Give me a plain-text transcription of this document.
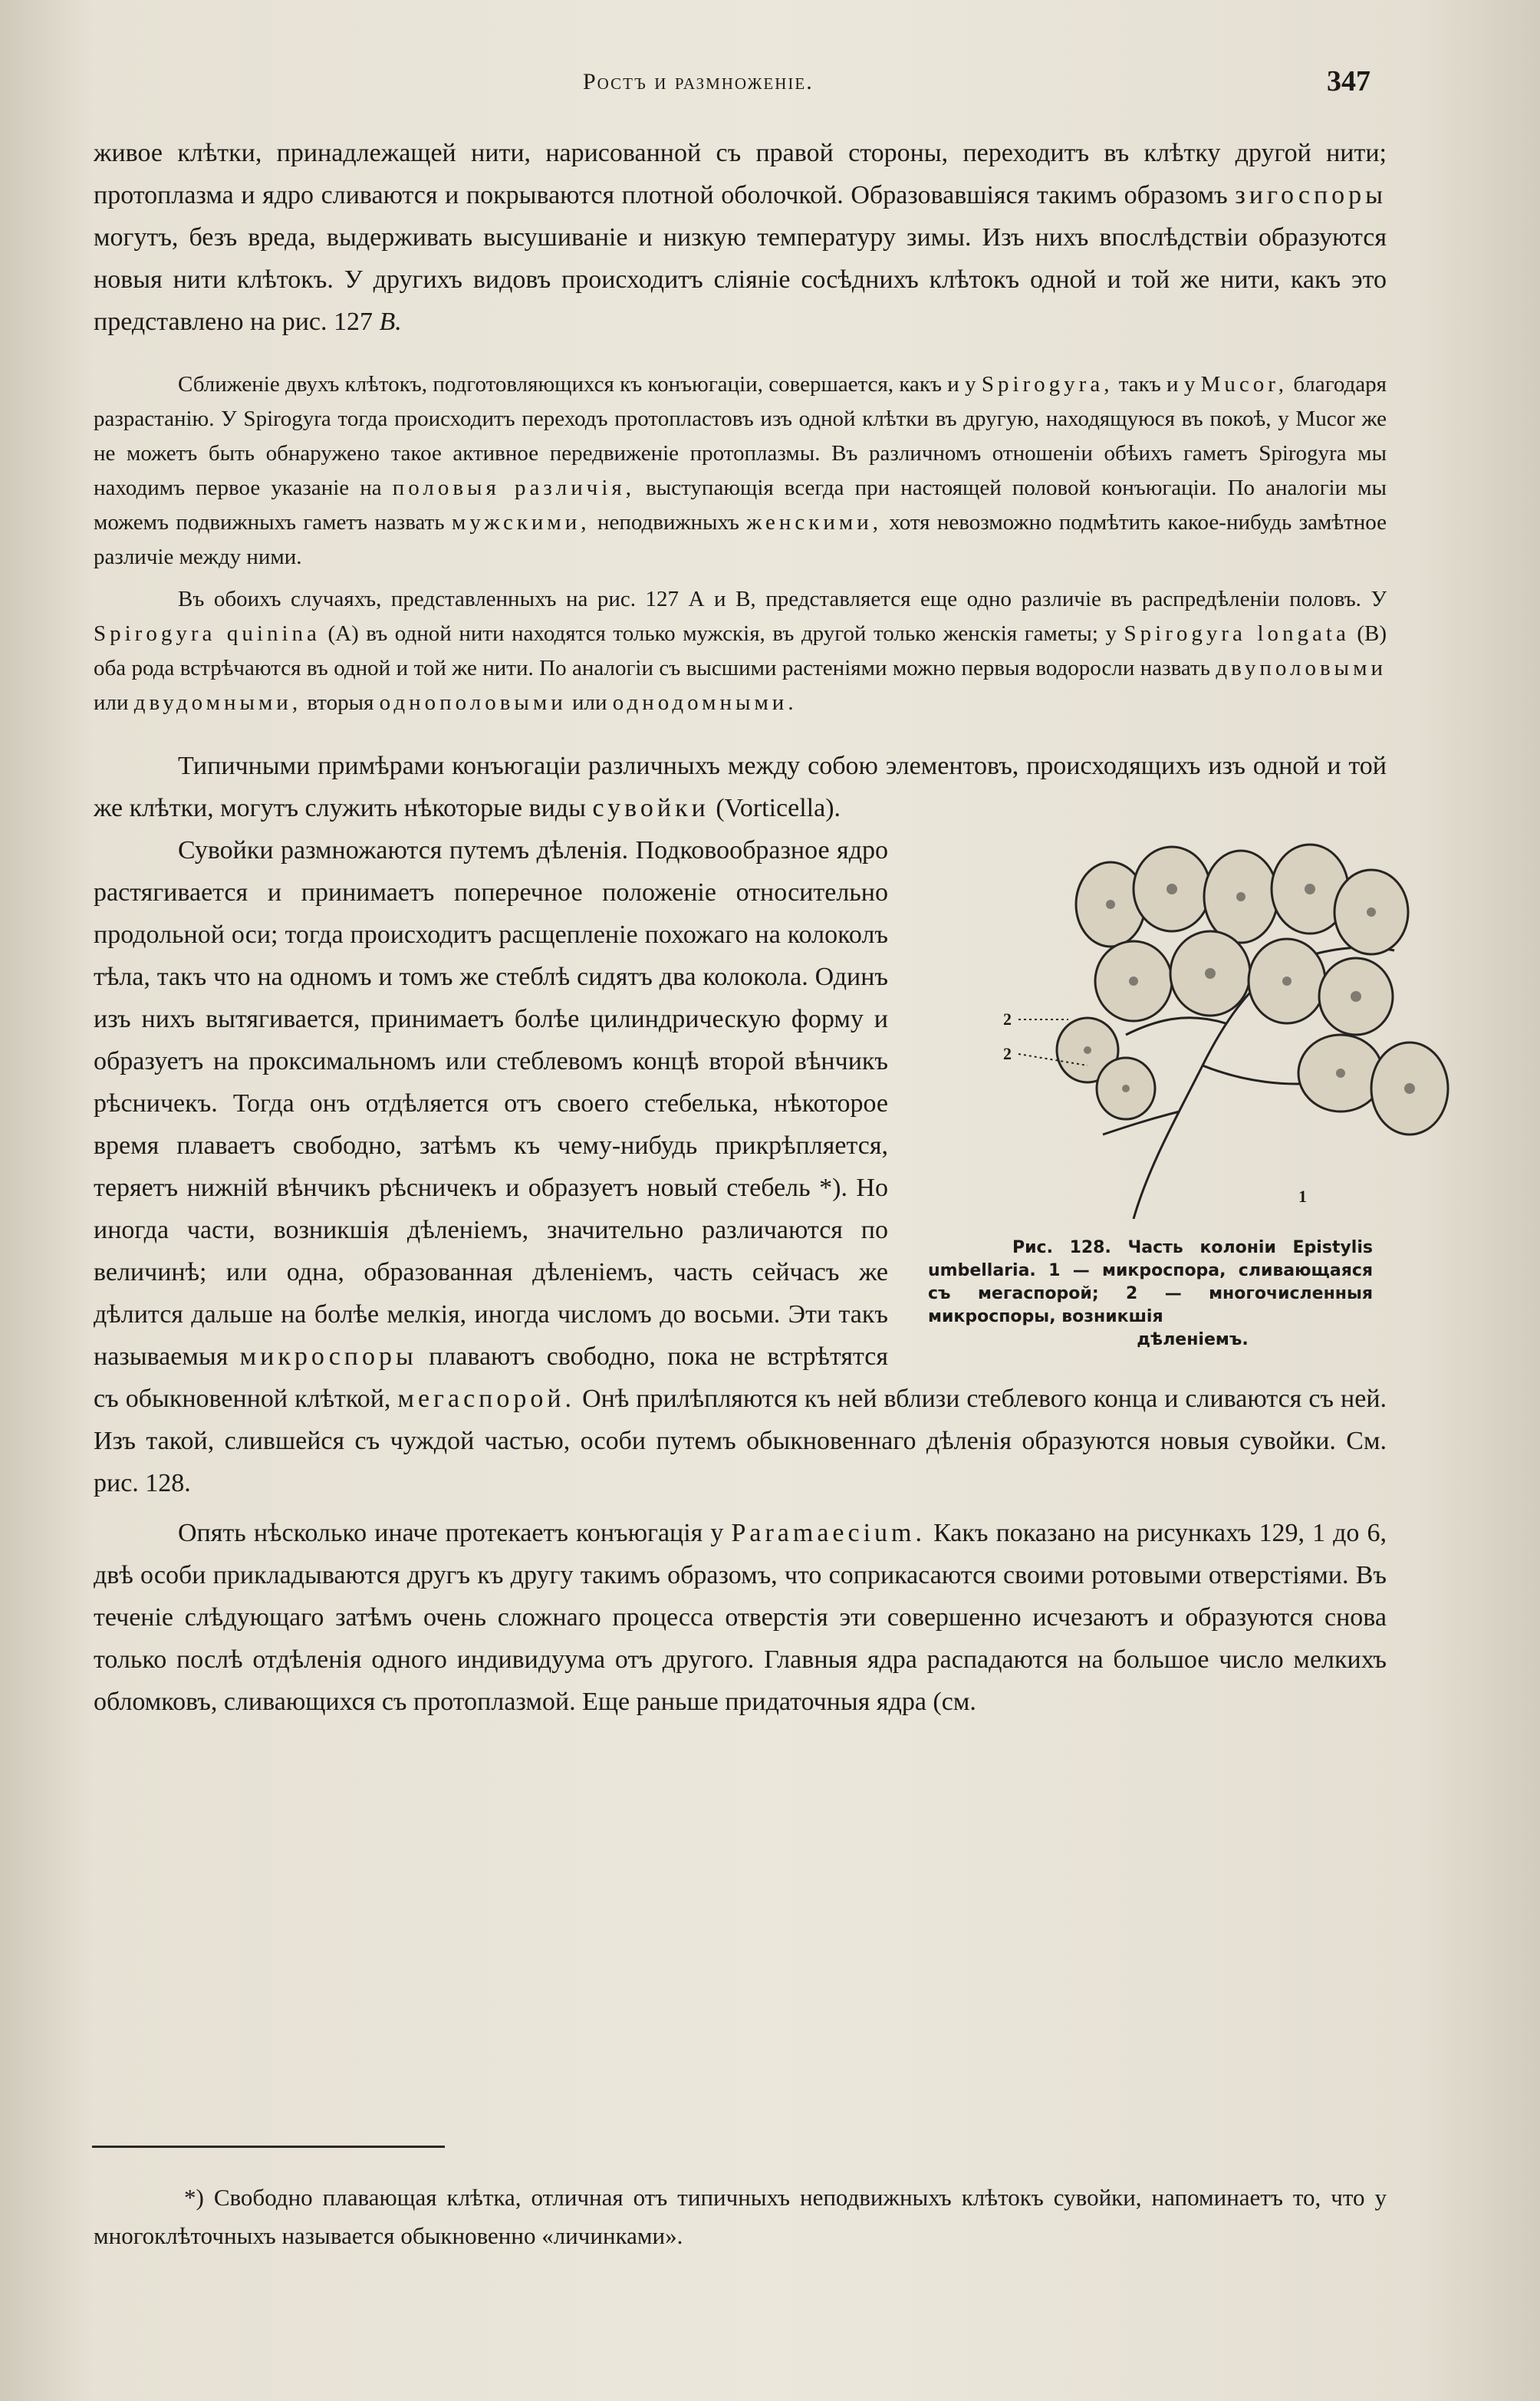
Ростъ и размноженіе.	347

живое клѣтки, принадлежащей нити, нарисованной съ правой стороны, переходитъ въ клѣтку другой нити; протоплазма и ядро сливаются и покрываются плотной оболочкой. Образовавшіяся такимъ образомъ зигоспоры могутъ, безъ вреда, выдерживать высушиваніе и низкую температуру зимы. Изъ нихъ впослѣдствіи образуются новыя нити клѣтокъ. У другихъ видовъ происходитъ сліяніе сосѣднихъ клѣтокъ одной и той же нити, какъ это представлено на рис. 127 B.

Сближеніе двухъ клѣтокъ, подготовляющихся къ конъюгаціи, совершается, какъ и у Spirogyra, такъ и у Mucor, благодаря разрастанію. У Spirogyra тогда происходитъ переходъ протопластовъ изъ одной клѣтки въ другую, находящуюся въ покоѣ, у Mucor же не можетъ быть обнаружено такое активное передвиженіе протоплазмы. Въ различномъ отношеніи обѣихъ гаметъ Spirogyra мы находимъ первое указаніе на половыя различія, выступающія всегда при настоящей половой конъюгаціи. По аналогіи мы можемъ подвижныхъ гаметъ назвать мужскими, неподвижныхъ женскими, хотя невозможно подмѣтить какое-нибудь замѣтное различіе между ними.

Въ обоихъ случаяхъ, представленныхъ на рис. 127 А и В, представляется еще одно различіе въ распредѣленіи половъ. У Spirogyra quinina (А) въ одной нити находятся только мужскія, въ другой только женскія гаметы; у Spirogyra longata (B) оба рода встрѣчаются въ одной и той же нити. По аналогіи съ высшими растеніями можно первыя водоросли назвать двуполовыми или двудомными, вторыя однополовыми или однодомными.

Типичными примѣрами конъюгаціи различныхъ между собою элементовъ, происходящихъ изъ одной и той же клѣтки, могутъ служить нѣкоторые виды сувойки (Vorticella).

2
2
1
Рис. 128. Часть колоніи Epistylis umbellaria. 1 — микроспора, сливающаяся съ мегаспорой; 2 — многочисленныя микроспоры, возникшія
дѣленіемъ.
Сувойки размножаются путемъ дѣленія. Подковообразное ядро растягивается и принимаетъ поперечное положеніе относительно продольной оси; тогда происходитъ расщепленіе похожаго на колоколъ тѣла, такъ что на одномъ и томъ же стеблѣ сидятъ два колокола. Одинъ изъ нихъ вытягивается, принимаетъ болѣе цилиндрическую форму и образуетъ на проксимальномъ или стеблевомъ концѣ второй вѣнчикъ рѣсничекъ. Тогда онъ отдѣляется отъ своего стебелька, нѣкоторое время плаваетъ свободно, затѣмъ къ чему-нибудь прикрѣпляется, теряетъ нижній вѣнчикъ рѣсничекъ и образуетъ новый стебель *). Но иногда части, возникшія дѣленіемъ, значительно различаются по величинѣ; или одна, образованная дѣленіемъ, часть сейчасъ же дѣлится дальше на болѣе мелкія, иногда числомъ до восьми. Эти такъ называемыя микроспоры плаваютъ свободно, пока не встрѣтятся съ обыкновенной клѣткой, мегаспорой. Онѣ прилѣпляются къ ней вблизи стеблевого конца и сливаются съ ней. Изъ такой, слившейся съ чуждой частью, особи путемъ обыкновеннаго дѣленія образуются новыя сувойки. См. рис. 128.

Опять нѣсколько иначе протекаетъ конъюгація у Paramaecium. Какъ показано на рисункахъ 129, 1 до 6, двѣ особи прикладываются другъ къ другу такимъ образомъ, что соприкасаются своими ротовыми отверстіями. Въ теченіе слѣдующаго затѣмъ очень сложнаго процесса отверстія эти совершенно исчезаютъ и образуются снова только послѣ отдѣленія одного индивидуума отъ другого. Главныя ядра распадаются на большое число мелкихъ обломковъ, сливающихся съ протоплазмой. Еще раньше придаточныя ядра (см.

*) Свободно плавающая клѣтка, отличная отъ типичныхъ неподвижныхъ клѣтокъ сувойки, напоминаетъ то, что у многоклѣточныхъ называется обыкновенно «личинками».
